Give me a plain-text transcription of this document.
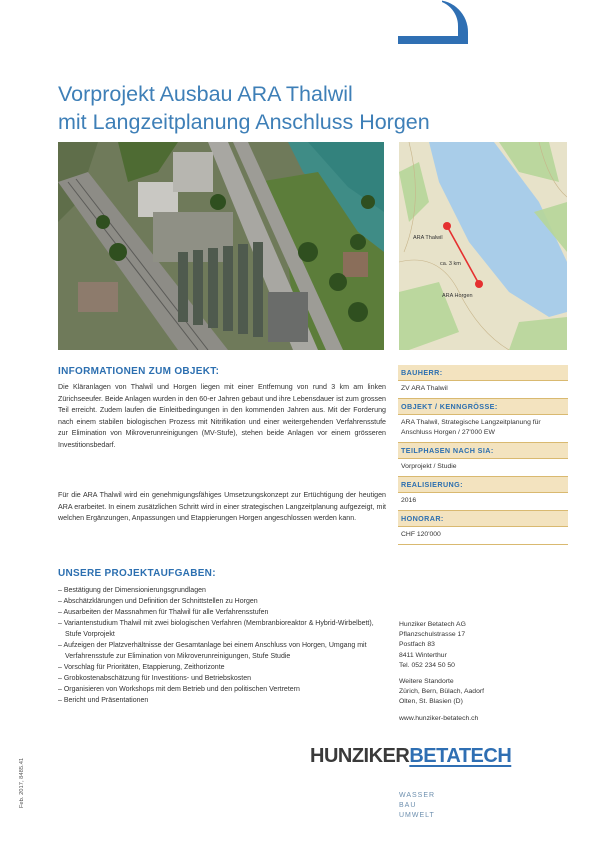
Vorprojekt Ausbau ARA Thalwil
mit Langzeitplanung Anschluss Horgen
ARA Thalwil
ca. 3 km
ARA Horgen
INFORMATIONEN ZUM OBJEKT:
Die Kläranlagen von Thalwil und Horgen liegen mit einer Entfernung von rund 3 km am linken Zürichseeufer. Beide Anlagen wurden in den 60-er Jahren gebaut und ihre Lebensdauer ist zum grossen Teil erreicht. Zudem laufen die Einleitbedingungen in den kommenden Jahren aus. Mit der Forderung nach einem stabilen biologischen Prozess mit Nitrifikation und einer weitergehenden Verfahrensstufe zur Elimination von Mikroverunreinigungen (MV-Stufe), stehen beide Anlagen vor einem grösseren Investitionsbedarf.
Für die ARA Thalwil wird ein genehmigungsfähiges Umsetzungskonzept zur Ertüchtigung der heutigen ARA erarbeitet. In einem zusätzlichen Schritt wird in einer strategischen Langzeitplanung aufgezeigt, mit welchen Ergänzungen, Anpassungen und Etappierungen Horgen angeschlossen werden kann.
BAUHERR:
ZV ARA Thalwil
OBJEKT / KENNGRÖSSE:
ARA Thalwil, Strategische Langzeitplanung für Anschluss Horgen / 27'000 EW
TEILPHASEN NACH SIA:
Vorprojekt / Studie
REALISIERUNG:
2016
HONORAR:
CHF 120'000
UNSERE PROJEKTAUFGABEN:
– Bestätigung der Dimensionierungsgrundlagen
– Abschätzklärungen und Definition der Schnittstellen zu Horgen
– Ausarbeiten der Massnahmen für Thalwil für alle Verfahrensstufen
– Variantenstudium Thalwil mit zwei biologischen Verfahren (Membranbioreaktor & Hybrid-Wirbelbett), Stufe Vorprojekt
– Aufzeigen der Platzverhältnisse der Gesamtanlage bei einem Anschluss von Horgen, Umgang mit Verfahrensstufe zur Elimination von Mikroverunreinigungen, Stufe Studie
– Vorschlag für Prioritäten, Etappierung, Zeithorizonte
– Grobkostenabschätzung für Investitions- und Betriebskosten
– Organisieren von Workshops mit dem Betrieb und den politischen Vertretern
– Bericht und Präsentationen
Hunziker Betatech AG
Pflanzschulstrasse 17
Postfach 83
8411 Winterthur
Tel. 052 234 50 50
Weitere Standorte
Zürich, Bern, Bülach, Aadorf
Olten, St. Blasien (D)
www.hunziker-betatech.ch
HUNZIKERBETATECH
WASSER
BAU
UMWELT
Feb. 2017, 8485.41
